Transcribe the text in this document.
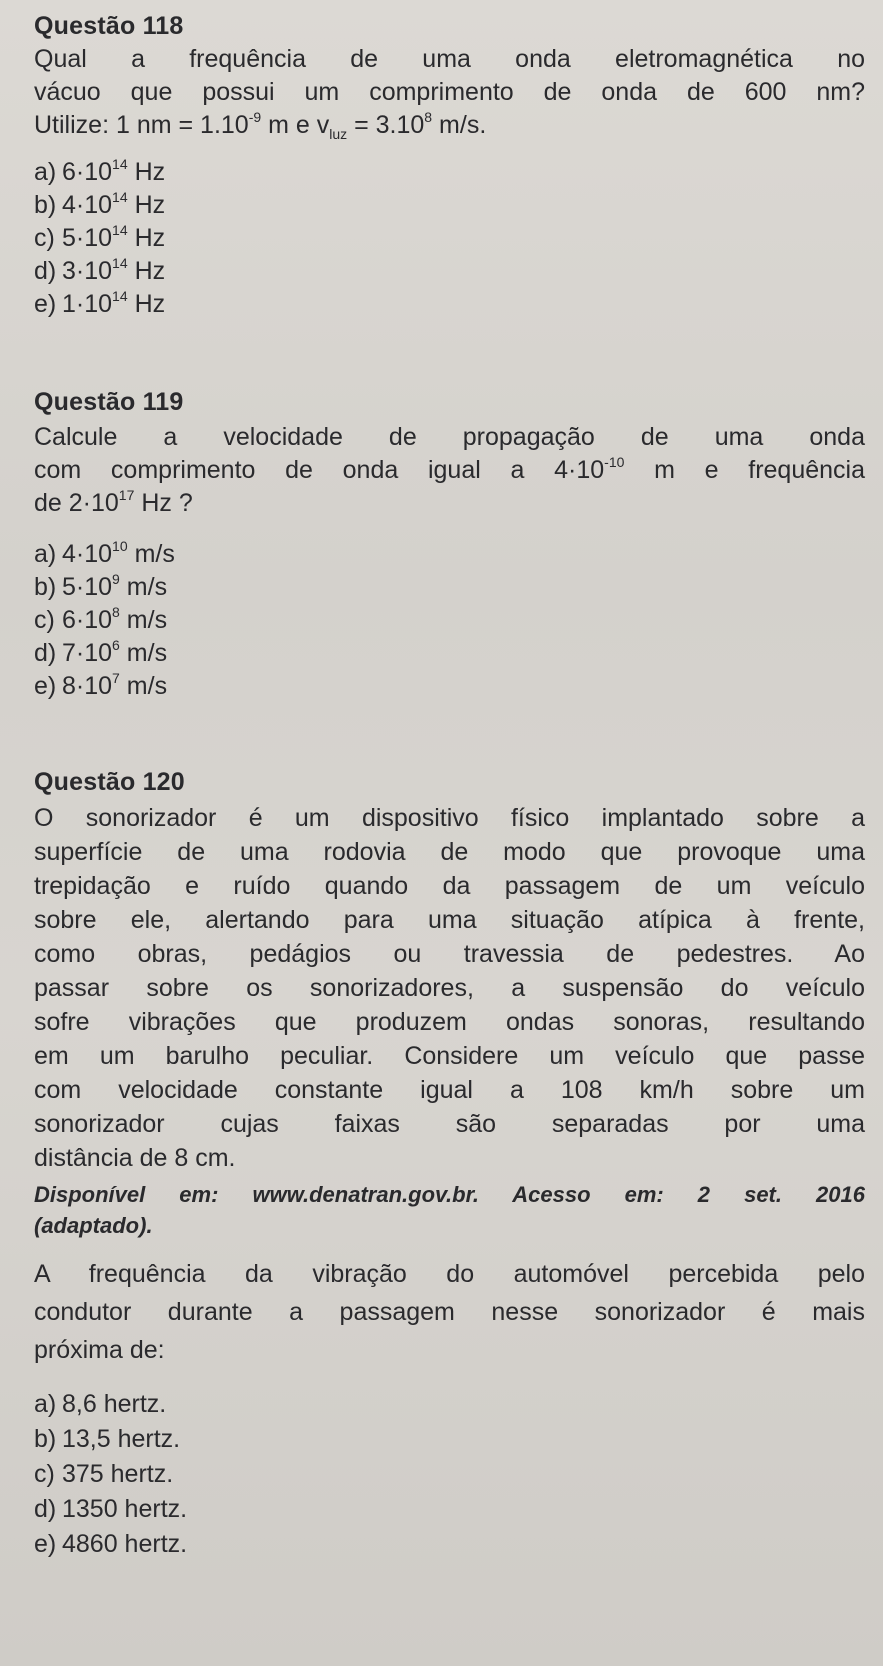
Questão 118

Qual a frequência de uma onda eletromagnética no
vácuo que possui um comprimento de onda de 600 nm?
Utilize: 1 nm = $1.10^{-9}$ m e $v_{luz} = 3.10^8$ m/s.

a) $6\cdot 10^{14}$ Hz
b) $4\cdot 10^{14}$ Hz
c) $5\cdot 10^{14}$ Hz
d) $3\cdot 10^{14}$ Hz
e) $1\cdot 10^{14}$ Hz
Questão 119

Calcule a velocidade de propagação de uma onda
com comprimento de onda igual a $4\cdot 10^{-10}$ m e frequência
de $2\cdot 10^{17}$ Hz ?

a) $4\cdot 10^{10}$ m/s
b) $5\cdot 10^9$ m/s
c) $6\cdot 10^8$ m/s
d) $7\cdot 10^6$ m/s
e) $8\cdot 10^7$ m/s
Questão 120

O sonorizador é um dispositivo físico implantado sobre a
superfície de uma rodovia de modo que provoque uma
trepidação e ruído quando da passagem de um veículo
sobre ele, alertando para uma situação atípica à frente,
como obras, pedágios ou travessia de pedestres. Ao
passar sobre os sonorizadores, a suspensão do veículo
sofre vibrações que produzem ondas sonoras, resultando
em um barulho peculiar. Considere um veículo que passe
com velocidade constante igual a 108 km/h sobre um
sonorizador cujas faixas são separadas por uma
distância de 8 cm.

Disponível em: www.denatran.gov.br. Acesso em: 2 set. 2016
(adaptado).

A frequência da vibração do automóvel percebida pelo
condutor durante a passagem nesse sonorizador é mais
próxima de:

a) 8,6 hertz.
b) 13,5 hertz.
c) 375 hertz.
d) 1350 hertz.
e) 4860 hertz.
